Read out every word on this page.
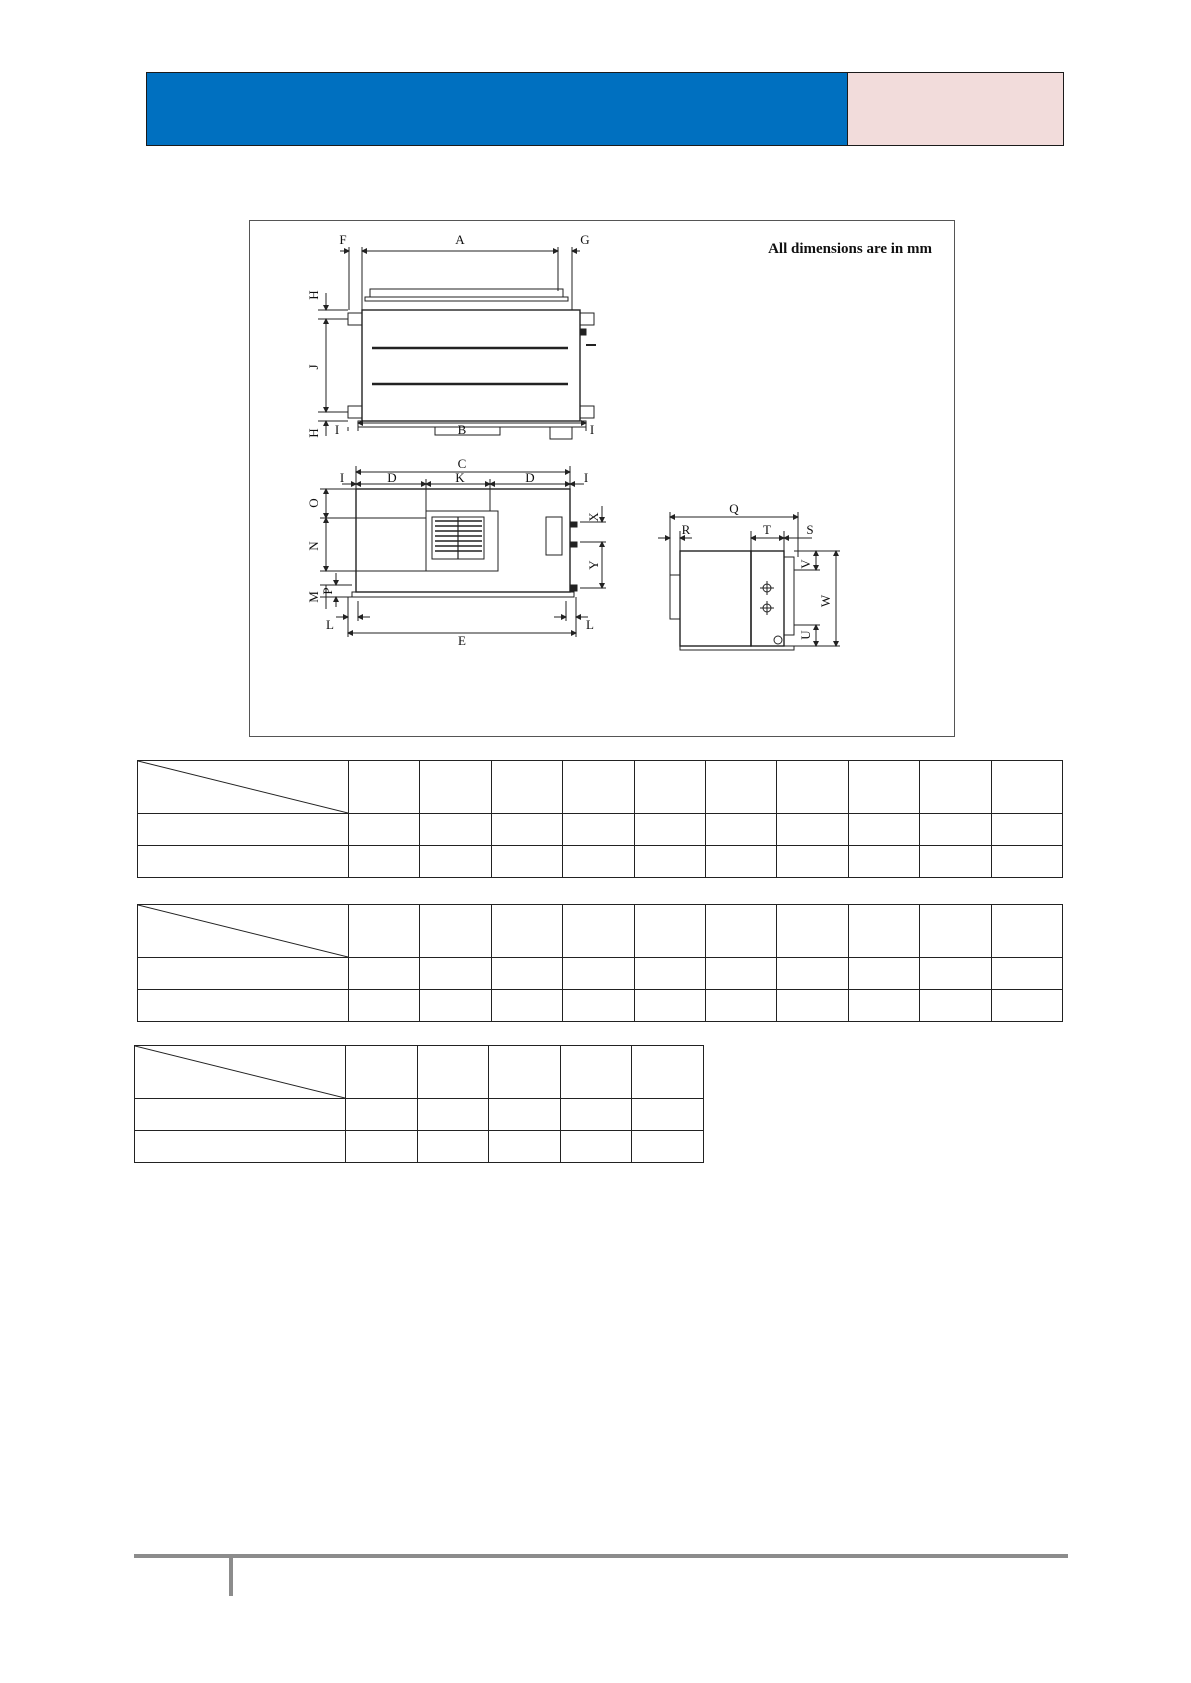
All dimensions are in mm
F	A	G
H
J
H I	B	I
C
I	D	K	D	I
O
N
M
P
L	L
E
X
Y
Q
R	T	S
V
W
U
